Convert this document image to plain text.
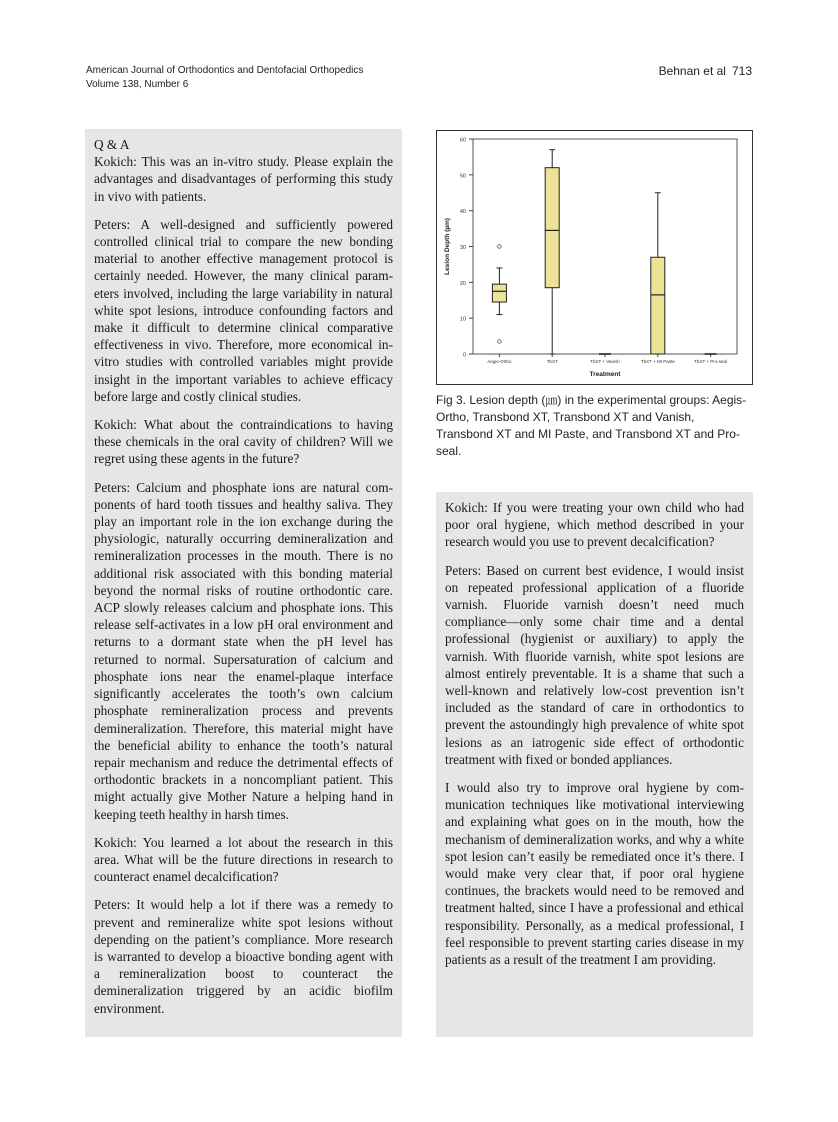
American Journal of Orthodontics and Dentofacial Orthopedics
Volume 138, Number 6
Behnan et al 713

Q & A

Kokich: This was an in-vitro study. Please explain the advantages and disadvantages of performing this study in vivo with patients.

Peters: A well-designed and sufficiently powered controlled clinical trial to compare the new bonding material to another effective management protocol is certainly needed. However, the many clinical parameters involved, including the large variability in natural white spot lesions, introduce confounding factors and make it difficult to determine clinical comparative effectiveness in vivo. Therefore, more economical in-vitro studies with controlled variables might provide insight in the important variables to achieve efficacy before large and costly clinical studies.

Kokich: What about the contraindications to having these chemicals in the oral cavity of children? Will we regret using these agents in the future?

Peters: Calcium and phosphate ions are natural components of hard tooth tissues and healthy saliva. They play an important role in the ion exchange during the physiologic, naturally occurring demineralization and remineralization processes in the mouth. There is no additional risk associated with this bonding material beyond the normal risks of routine orthodontic care. ACP slowly releases calcium and phosphate ions. This release self-activates in a low pH oral environment and returns to a dormant state when the pH level has returned to normal. Supersaturation of calcium and phosphate ions near the enamel-plaque interface significantly accelerates the tooth’s own calcium phosphate remineralization process and prevents demineralization. Therefore, this material might have the beneficial ability to enhance the tooth’s natural repair mechanism and reduce the detrimental effects of orthodontic brackets in a noncompliant patient. This might actually give Mother Nature a helping hand in keeping teeth healthy in harsh times.

Kokich: You learned a lot about the research in this area. What will be the future directions in research to counteract enamel decalcification?

Peters: It would help a lot if there was a remedy to prevent and remineralize white spot lesions without depending on the patient’s compliance. More research is warranted to develop a bioactive bonding agent with a remineralization boost to counteract the demineralization triggered by an acidic biofilm environment.

0
10
20
30
40
50
60
Lesion Depth (µm)
Aegis-Ortho	TbXT	TbXT + Vanish	TbXT + MI Paste	TbXT + Pro-seal
Treatment
Fig 3. Lesion depth (㎛) in the experimental groups: Aegis-Ortho, Transbond XT, Transbond XT and Vanish, Transbond XT and MI Paste, and Transbond XT and Pro-seal.

Kokich: If you were treating your own child who had poor oral hygiene, which method described in your research would you use to prevent decalcification?

Peters: Based on current best evidence, I would insist on repeated professional application of a fluoride varnish. Fluoride varnish doesn’t need much compliance—only some chair time and a dental professional (hygienist or auxiliary) to apply the varnish. With fluoride varnish, white spot lesions are almost entirely preventable. It is a shame that such a well-known and relatively low-cost prevention isn’t included as the standard of care in orthodontics to prevent the astoundingly high prevalence of white spot lesions as an iatrogenic side effect of orthodontic treatment with fixed or bonded appliances.

I would also try to improve oral hygiene by communication techniques like motivational interviewing and explaining what goes on in the mouth, how the mechanism of demineralization works, and why a white spot lesion can’t easily be remediated once it’s there. I would make very clear that, if poor oral hygiene continues, the brackets would need to be removed and treatment halted, since I have a professional and ethical responsibility. Personally, as a medical professional, I feel responsible to prevent starting caries disease in my patients as a result of the treatment I am providing.
